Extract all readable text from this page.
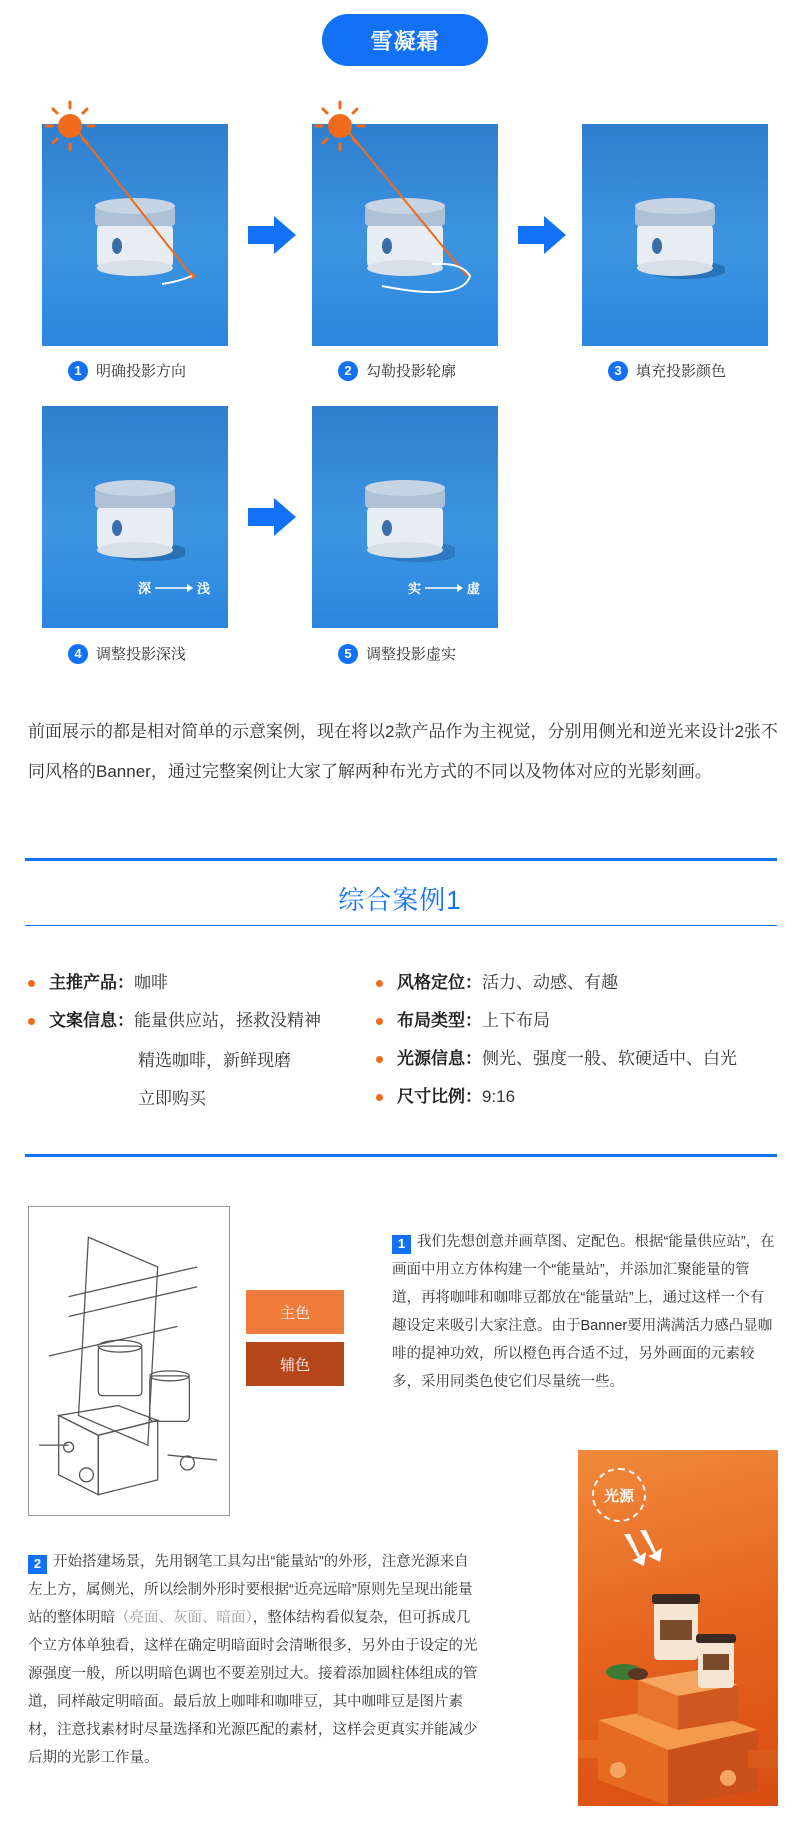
雪凝霜
1 明确投影方向	2 勾勒投影轮廓	3 填充投影颜色
深	浅
4 调整投影深浅
实	虚
5 调整投影虚实

前面展示的都是相对简单的示意案例，现在将以2款产品作为主视觉，分别用侧光和逆光来设计2张不同风格的Banner，通过完整案例让大家了解两种布光方式的不同以及物体对应的光影刻画。

综合案例1
主推产品： 咖啡
文案信息： 能量供应站，拯救没精神
精选咖啡，新鲜现磨
立即购买
风格定位： 活力、动感、有趣
布局类型： 上下布局
光源信息： 侧光、强度一般、软硬适中、白光
尺寸比例： 9:16
主色
辅色
1 我们先想创意并画草图、定配色。根据“能量供应站”，在画面中用立方体构建一个“能量站”，并添加汇聚能量的管道，再将咖啡和咖啡豆都放在“能量站”上，通过这样一个有趣设定来吸引大家注意。由于Banner要用满满活力感凸显咖啡的提神功效，所以橙色再合适不过，另外画面的元素较多，采用同类色使它们尽量统一些。
2 开始搭建场景，先用钢笔工具勾出“能量站”的外形，注意光源来自左上方，属侧光，所以绘制外形时要根据“近亮远暗”原则先呈现出能量站的整体明暗（亮面、灰面、暗面），整体结构看似复杂，但可拆成几个立方体单独看，这样在确定明暗面时会清晰很多，另外由于设定的光源强度一般，所以明暗色调也不要差别过大。接着添加圆柱体组成的管道，同样敲定明暗面。最后放上咖啡和咖啡豆，其中咖啡豆是图片素材，注意找素材时尽量选择和光源匹配的素材，这样会更真实并能减少后期的光影工作量。
光源
